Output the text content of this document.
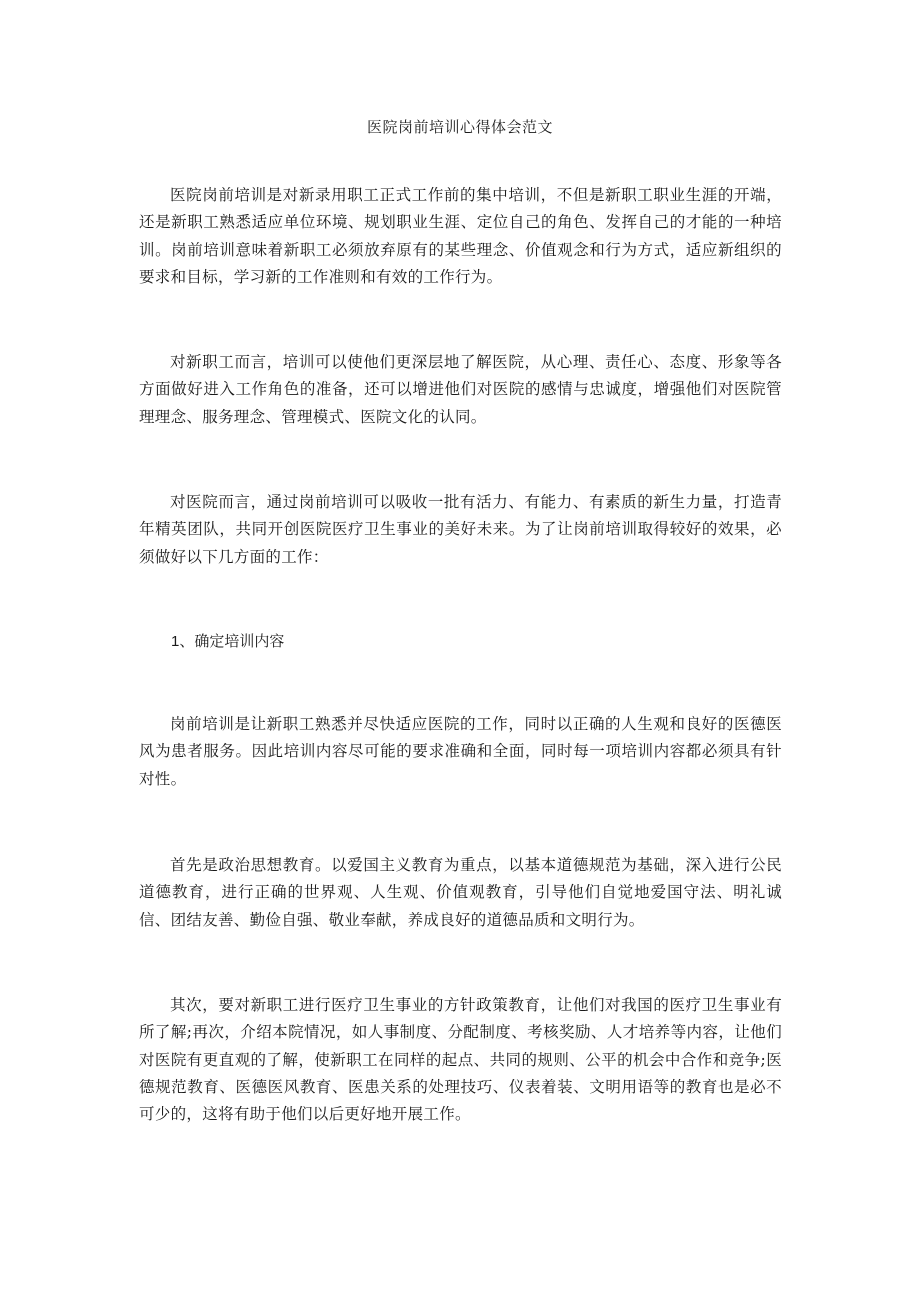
医院岗前培训心得体会范文

医院岗前培训是对新录用职工正式工作前的集中培训，不但是新职工职业生涯的开端，还是新职工熟悉适应单位环境、规划职业生涯、定位自己的角色、发挥自己的才能的一种培训。岗前培训意味着新职工必须放弃原有的某些理念、价值观念和行为方式，适应新组织的要求和目标，学习新的工作准则和有效的工作行为。

对新职工而言，培训可以使他们更深层地了解医院，从心理、责任心、态度、形象等各方面做好进入工作角色的准备，还可以增进他们对医院的感情与忠诚度，增强他们对医院管理理念、服务理念、管理模式、医院文化的认同。

对医院而言，通过岗前培训可以吸收一批有活力、有能力、有素质的新生力量，打造青年精英团队，共同开创医院医疗卫生事业的美好未来。为了让岗前培训取得较好的效果，必须做好以下几方面的工作：

1、确定培训内容

岗前培训是让新职工熟悉并尽快适应医院的工作，同时以正确的人生观和良好的医德医风为患者服务。因此培训内容尽可能的要求准确和全面，同时每一项培训内容都必须具有针对性。

首先是政治思想教育。以爱国主义教育为重点，以基本道德规范为基础，深入进行公民道德教育，进行正确的世界观、人生观、价值观教育，引导他们自觉地爱国守法、明礼诚信、团结友善、勤俭自强、敬业奉献，养成良好的道德品质和文明行为。

其次，要对新职工进行医疗卫生事业的方针政策教育，让他们对我国的医疗卫生事业有所了解;再次，介绍本院情况，如人事制度、分配制度、考核奖励、人才培养等内容，让他们对医院有更直观的了解，使新职工在同样的起点、共同的规则、公平的机会中合作和竞争;医德规范教育、医德医风教育、医患关系的处理技巧、仪表着装、文明用语等的教育也是必不可少的，这将有助于他们以后更好地开展工作。
